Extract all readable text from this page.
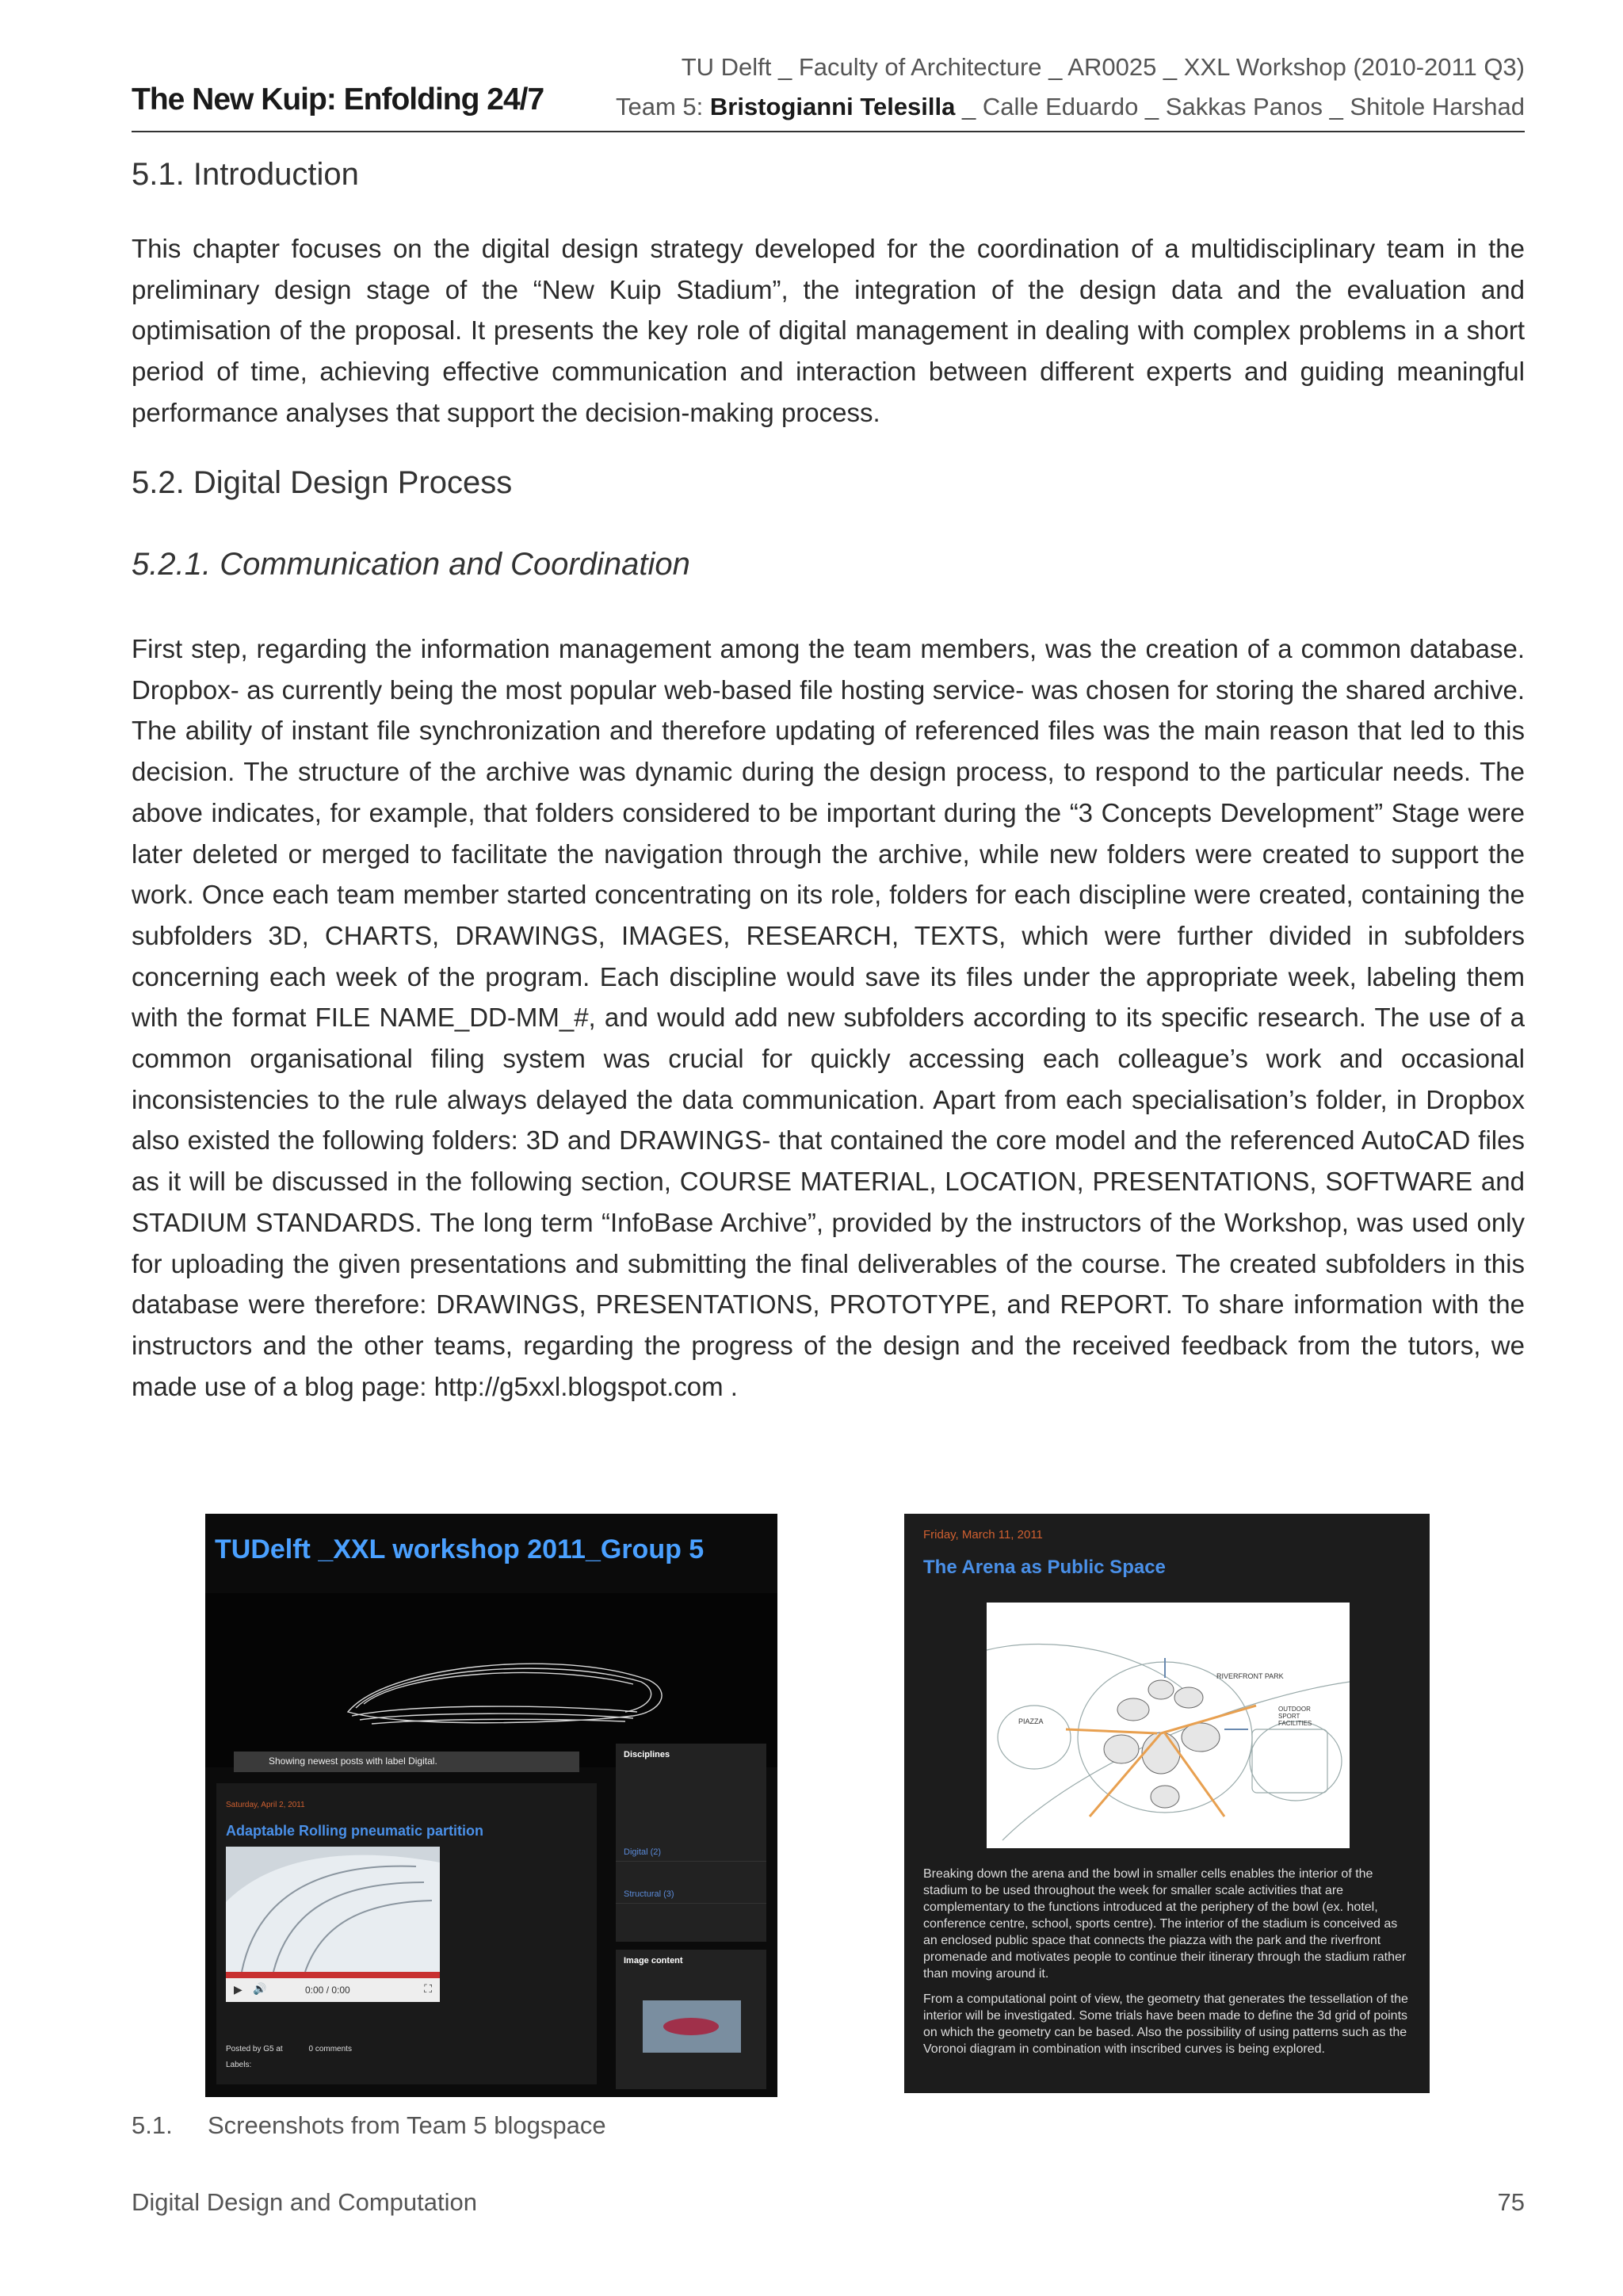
The New Kuip: Enfolding 24/7
TU Delft _ Faculty of Architecture _ AR0025 _ XXL Workshop (2010-2011 Q3)
Team 5: Bristogianni Telesilla _ Calle Eduardo _ Sakkas Panos _ Shitole Harshad
5.1. Introduction

This chapter focuses on the digital design strategy developed for the coordination of a multidisciplinary team in the preliminary design stage of the “New Kuip Stadium”, the integration of the design data and the evaluation and optimisation of the proposal. It presents the key role of digital management in dealing with complex problems in a short period of time, achieving effective communication and interaction between different experts and guiding meaningful performance analyses that support the decision-making process.

5.2. Digital Design Process
5.2.1. Communication and Coordination

First step, regarding the information management among the team members, was the creation of a common database. Dropbox- as currently being the most popular web-based file hosting service- was chosen for storing the shared archive. The ability of instant file synchronization and therefore updating of referenced files was the main reason that led to this decision. The structure of the archive was dynamic during the design process, to respond to the particular needs. The above indicates, for example, that folders considered to be important during the “3 Concepts Development” Stage were later deleted or merged to facilitate the navigation through the archive, while new folders were created to support the work. Once each team member started concentrating on its role, folders for each discipline were created, containing the subfolders 3D, CHARTS, DRAWINGS, IMAGES, RESEARCH, TEXTS, which were further divided in subfolders concerning each week of the program. Each discipline would save its files under the appropriate week, labeling them with the format FILE NAME_DD-MM_#, and would add new subfolders according to its specific research. The use of a common organisational filing system was crucial for quickly accessing each colleague’s work and occasional inconsistencies to the rule always delayed the data communication. Apart from each specialisation’s folder, in Dropbox also existed the following folders: 3D and DRAWINGS- that contained the core model and the referenced AutoCAD files as it will be discussed in the following section, COURSE MATERIAL, LOCATION, PRESENTATIONS, SOFTWARE and STADIUM STANDARDS. The long term “InfoBase Archive”, provided by the instructors of the Workshop, was used only for uploading the given presentations and submitting the final deliverables of the course. The created subfolders in this database were therefore: DRAWINGS, PRESENTATIONS, PROTOTYPE, and REPORT. To share information with the instructors and the other teams, regarding the progress of the design and the received feedback from the tutors, we made use of a blog page: http://g5xxl.blogspot.com .

TUDelft _XXL workshop 2011_Group 5
Showing newest posts with label Digital.
Saturday, April 2, 2011
Adaptable Rolling pneumatic partition
▶ 🔊	0:00 / 0:00	⛶
Posted by G5 at	0 comments
Labels:
Disciplines
Digital (2)
Structural (3)
Image content
Friday, March 11, 2011
The Arena as Public Space
RIVERFRONT PARK
PIAZZA
OUTDOOR SPORT FACILITIES
Breaking down the arena and the bowl in smaller cells enables the interior of the stadium to be used throughout the week for smaller scale activities that are complementary to the functions introduced at the periphery of the bowl (ex. hotel, conference centre, school, sports centre). The interior of the stadium is conceived as an enclosed public space that connects the piazza with the park and the riverfront promenade and motivates people to continue their itinerary through the stadium rather than moving around it.
From a computational point of view, the geometry that generates the tessellation of the interior will be investigated. Some trials have been made to define the 3d grid of points on which the geometry can be based. Also the possibility of using patterns such as the Voronoi diagram in combination with inscribed curves is being explored.
5.1. Screenshots from Team 5 blogspace
Digital Design and Computation	75
